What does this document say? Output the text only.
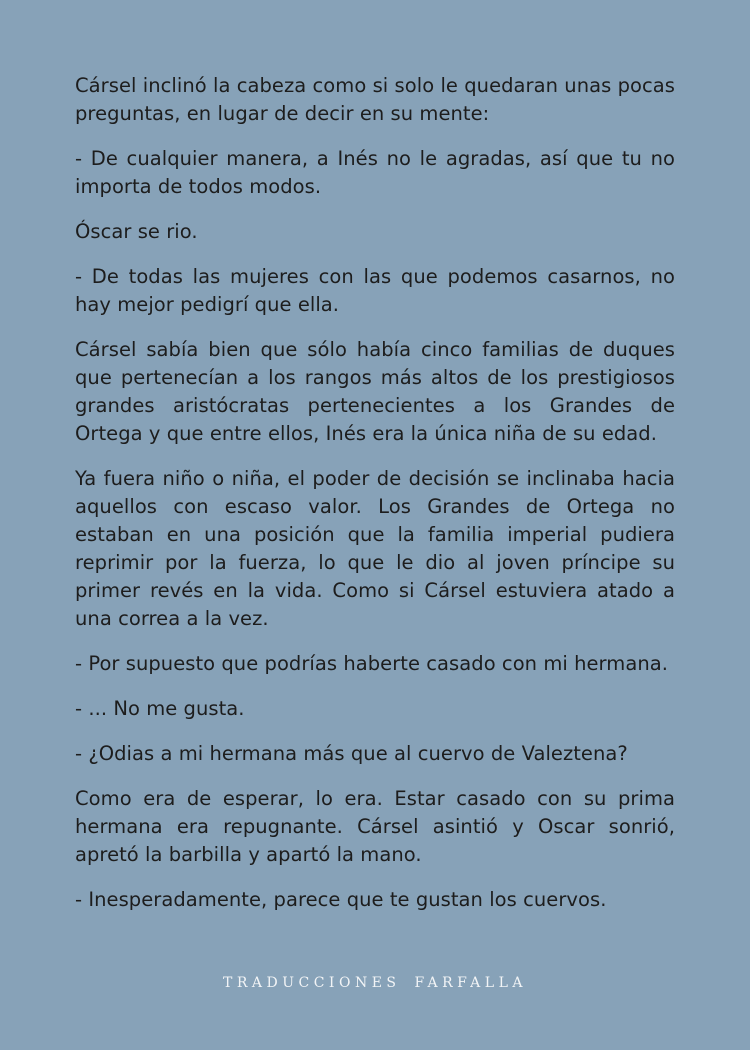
Cársel inclinó la cabeza como si solo le quedaran unas pocas preguntas, en lugar de decir en su mente:

- De cualquier manera, a Inés no le agradas, así que tu no importa de todos modos.

Óscar se rio.

- De todas las mujeres con las que podemos casarnos, no hay mejor pedigrí que ella.

Cársel sabía bien que sólo había cinco familias de duques que pertenecían a los rangos más altos de los prestigiosos grandes aristócratas pertenecientes a los Grandes de Ortega y que entre ellos, Inés era la única niña de su edad.

Ya fuera niño o niña, el poder de decisión se inclinaba hacia aquellos con escaso valor. Los Grandes de Ortega no estaban en una posición que la familia imperial pudiera reprimir por la fuerza, lo que le dio al joven príncipe su primer revés en la vida. Como si Cársel estuviera atado a una correa a la vez.

- Por supuesto que podrías haberte casado con mi hermana.

- ... No me gusta.

- ¿Odias a mi hermana más que al cuervo de Valeztena?

Como era de esperar, lo era. Estar casado con su prima hermana era repugnante. Cársel asintió y Oscar sonrió, apretó la barbilla y apartó la mano.

- Inesperadamente, parece que te gustan los cuervos.

TRADUCCIONES FARFALLA
